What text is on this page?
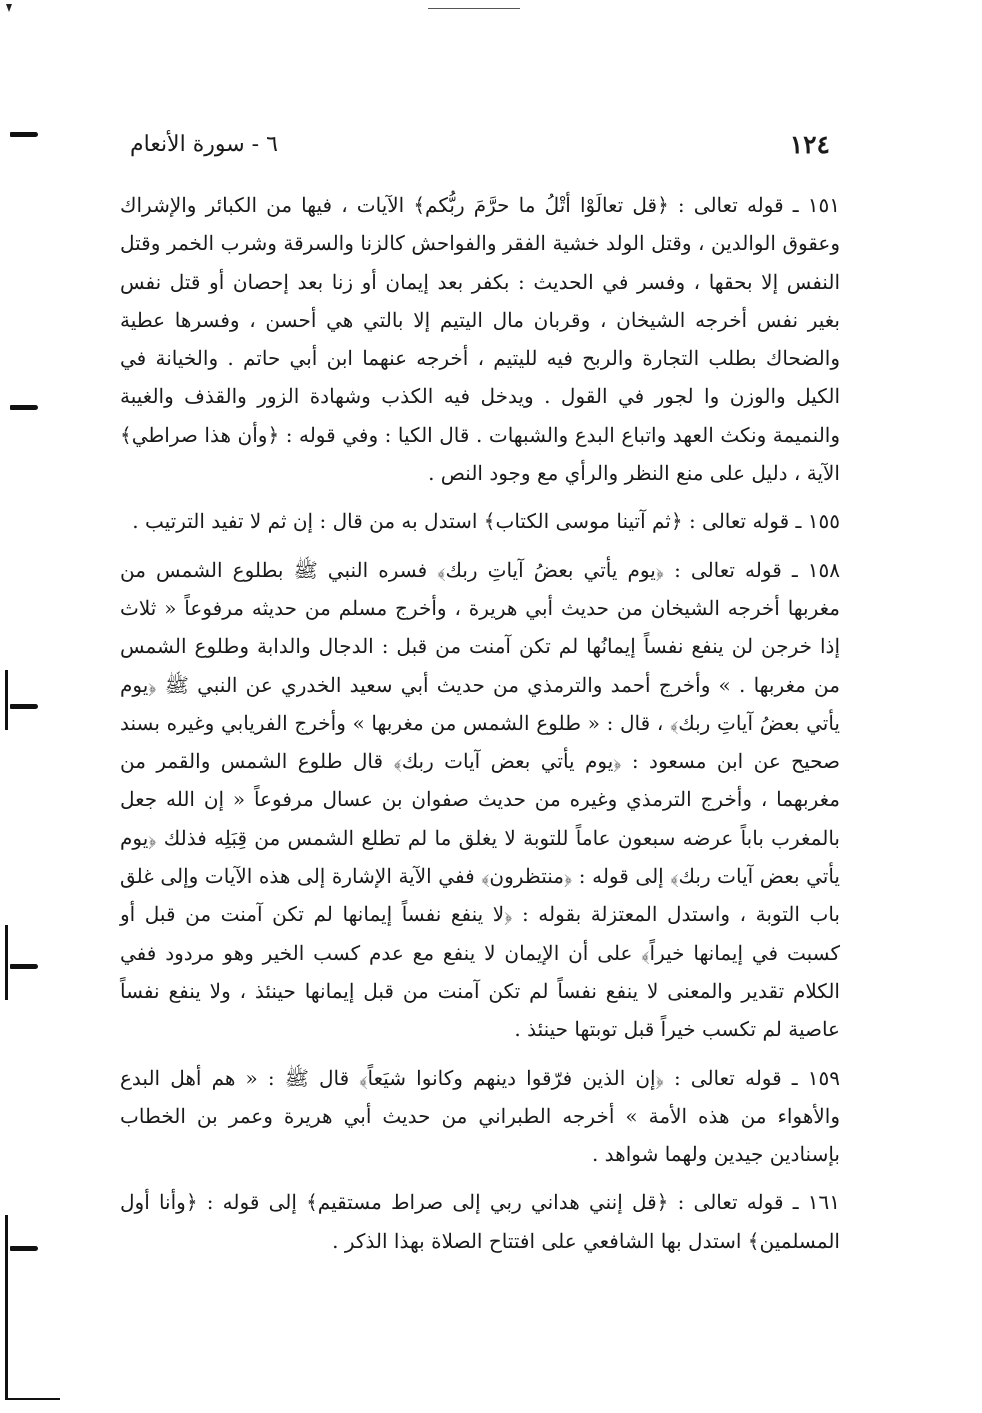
١٢٤
٦ - سورة الأنعام

١٥١ ـ قوله تعالى : ﴿قل تعالَوْا أتْلُ ما حرَّمَ ربُّكم﴾ الآيات ، فيها من الكبائر والإشراك وعقوق الوالدين ، وقتل الولد خشية الفقر والفواحش كالزنا والسرقة وشرب الخمر وقتل النفس إلا بحقها ، وفسر في الحديث : بكفر بعد إيمان أو زنا بعد إحصان أو قتل نفس بغير نفس أخرجه الشيخان ، وقربان مال اليتيم إلا بالتي هي أحسن ، وفسرها عطية والضحاك بطلب التجارة والربح فيه لليتيم ، أخرجه عنهما ابن أبي حاتم . والخيانة في الكيل والوزن وا لجور في القول . ويدخل فيه الكذب وشهادة الزور والقذف والغيبة والنميمة ونكث العهد واتباع البدع والشبهات . قال الكيا : وفي قوله : ﴿وأن هذا صراطي﴾ الآية ، دليل على منع النظر والرأي مع وجود النص .

١٥٥ ـ قوله تعالى : ﴿ثم آتينا موسى الكتاب﴾ استدل به من قال : إن ثم لا تفيد الترتيب .

١٥٨ ـ قوله تعالى : ﴿يوم يأتي بعضُ آياتِ ربك﴾ فسره النبي ﷺ بطلوع الشمس من مغربها أخرجه الشيخان من حديث أبي هريرة ، وأخرج مسلم من حديثه مرفوعاً « ثلاث إذا خرجن لن ينفع نفساً إيمانُها لم تكن آمنت من قبل : الدجال والدابة وطلوع الشمس من مغربها . » وأخرج أحمد والترمذي من حديث أبي سعيد الخدري عن النبي ﷺ ﴿يوم يأتي بعضُ آياتِ ربك﴾ ، قال : « طلوع الشمس من مغربها » وأخرج الفريابي وغيره بسند صحيح عن ابن مسعود : ﴿يوم يأتي بعض آيات ربك﴾ قال طلوع الشمس والقمر من مغربهما ، وأخرج الترمذي وغيره من حديث صفوان بن عسال مرفوعاً « إن الله جعل بالمغرب باباً عرضه سبعون عاماً للتوبة لا يغلق ما لم تطلع الشمس من قِبَلِه فذلك ﴿يوم يأتي بعض آيات ربك﴾ إلى قوله : ﴿منتظرون﴾ ففي الآية الإشارة إلى هذه الآيات وإلى غلق باب التوبة ، واستدل المعتزلة بقوله : ﴿لا ينفع نفساً إيمانها لم تكن آمنت من قبل أو كسبت في إيمانها خيراً﴾ على أن الإيمان لا ينفع مع عدم كسب الخير وهو مردود ففي الكلام تقدير والمعنى لا ينفع نفساً لم تكن آمنت من قبل إيمانها حينئذ ، ولا ينفع نفساً عاصية لم تكسب خيراً قبل توبتها حينئذ .

١٥٩ ـ قوله تعالى : ﴿إن الذين فرّقوا دينهم وكانوا شيَعاً﴾ قال ﷺ : « هم أهل البدع والأهواء من هذه الأمة » أخرجه الطبراني من حديث أبي هريرة وعمر بن الخطاب بإسنادين جيدين ولهما شواهد .

١٦١ ـ قوله تعالى : ﴿قل إنني هداني ربي إلى صراط مستقيم﴾ إلى قوله : ﴿وأنا أول المسلمين﴾ استدل بها الشافعي على افتتاح الصلاة بهذا الذكر .
